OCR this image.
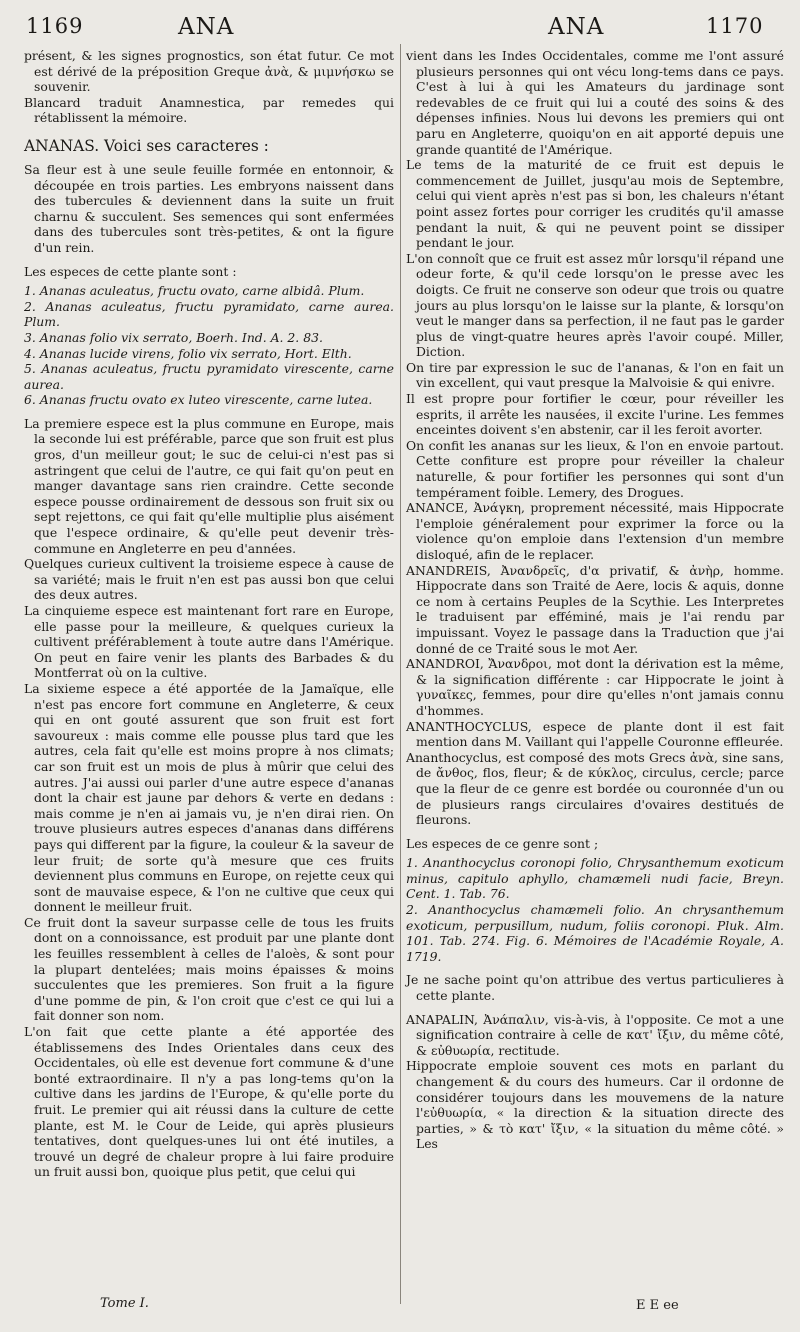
1169	ANA	ANA	1170

présent, & les signes prognostics, son état futur. Ce mot est dérivé de la préposition Greque ἀνὰ, & μιμνήσκω se souvenir.

Blancard traduit Anamnestica, par remedes qui rétablissent la mémoire.

ANANAS. Voici ses caracteres :

Sa fleur est à une seule feuille formée en entonnoir, & découpée en trois parties. Les embryons naissent dans des tubercules & deviennent dans la suite un fruit charnu & succulent. Ses semences qui sont enfermées dans des tubercules sont très-petites, & ont la figure d'un rein.

Les especes de cette plante sont :

1. Ananas aculeatus, fructu ovato, carne albidâ. Plum.
2. Ananas aculeatus, fructu pyramidato, carne aurea. Plum.
3. Ananas folio vix serrato, Boerh. Ind. A. 2. 83.
4. Ananas lucide virens, folio vix serrato, Hort. Elth.
5. Ananas aculeatus, fructu pyramidato virescente, carne aurea.
6. Ananas fructu ovato ex luteo virescente, carne lutea.

La premiere espece est la plus commune en Europe, mais la seconde lui est préférable, parce que son fruit est plus gros, d'un meilleur gout; le suc de celui-ci n'est pas si astringent que celui de l'autre, ce qui fait qu'on peut en manger davantage sans rien craindre. Cette seconde espece pousse ordinairement de dessous son fruit six ou sept rejettons, ce qui fait qu'elle multiplie plus aisément que l'espece ordinaire, & qu'elle peut devenir très-commune en Angleterre en peu d'années.

Quelques curieux cultivent la troisieme espece à cause de sa variété; mais le fruit n'en est pas aussi bon que celui des deux autres.

La cinquieme espece est maintenant fort rare en Europe, elle passe pour la meilleure, & quelques curieux la cultivent préférablement à toute autre dans l'Amérique. On peut en faire venir les plants des Barbades & du Montferrat où on la cultive.

La sixieme espece a été apportée de la Jamaïque, elle n'est pas encore fort commune en Angleterre, & ceux qui en ont gouté assurent que son fruit est fort savoureux : mais comme elle pousse plus tard que les autres, cela fait qu'elle est moins propre à nos climats; car son fruit est un mois de plus à mûrir que celui des autres. J'ai aussi oui parler d'une autre espece d'ananas dont la chair est jaune par dehors & verte en dedans : mais comme je n'en ai jamais vu, je n'en dirai rien. On trouve plusieurs autres especes d'ananas dans différens pays qui different par la figure, la couleur & la saveur de leur fruit; de sorte qu'à mesure que ces fruits deviennent plus communs en Europe, on rejette ceux qui sont de mauvaise espece, & l'on ne cultive que ceux qui donnent le meilleur fruit.

Ce fruit dont la saveur surpasse celle de tous les fruits dont on a connoissance, est produit par une plante dont les feuilles ressemblent à celles de l'aloès, & sont pour la plupart dentelées; mais moins épaisses & moins succulentes que les premieres. Son fruit a la figure d'une pomme de pin, & l'on croit que c'est ce qui lui a fait donner son nom.

L'on fait que cette plante a été apportée des établissemens des Indes Orientales dans ceux des Occidentales, où elle est devenue fort commune & d'une bonté extraordinaire. Il n'y a pas long-tems qu'on la cultive dans les jardins de l'Europe, & qu'elle porte du fruit. Le premier qui ait réussi dans la culture de cette plante, est M. le Cour de Leide, qui après plusieurs tentatives, dont quelques-unes lui ont été inutiles, a trouvé un degré de chaleur propre à lui faire produire un fruit aussi bon, quoique plus petit, que celui qui

vient dans les Indes Occidentales, comme me l'ont assuré plusieurs personnes qui ont vécu long-tems dans ce pays. C'est à lui à qui les Amateurs du jardinage sont redevables de ce fruit qui lui a couté des soins & des dépenses infinies. Nous lui devons les premiers qui ont paru en Angleterre, quoiqu'on en ait apporté depuis une grande quantité de l'Amérique.

Le tems de la maturité de ce fruit est depuis le commencement de Juillet, jusqu'au mois de Septembre, celui qui vient après n'est pas si bon, les chaleurs n'étant point assez fortes pour corriger les crudités qu'il amasse pendant la nuit, & qui ne peuvent point se dissiper pendant le jour.

L'on connoît que ce fruit est assez mûr lorsqu'il répand une odeur forte, & qu'il cede lorsqu'on le presse avec les doigts. Ce fruit ne conserve son odeur que trois ou quatre jours au plus lorsqu'on le laisse sur la plante, & lorsqu'on veut le manger dans sa perfection, il ne faut pas le garder plus de vingt-quatre heures après l'avoir coupé. Miller, Diction.

On tire par expression le suc de l'ananas, & l'on en fait un vin excellent, qui vaut presque la Malvoisie & qui enivre.

Il est propre pour fortifier le cœur, pour réveiller les esprits, il arrête les nausées, il excite l'urine. Les femmes enceintes doivent s'en abstenir, car il les feroit avorter.

On confit les ananas sur les lieux, & l'on en envoie partout. Cette confiture est propre pour réveiller la chaleur naturelle, & pour fortifier les personnes qui sont d'un tempérament foible. Lemery, des Drogues.

ANANCE, Ἀνάγκη, proprement nécessité, mais Hippocrate l'emploie généralement pour exprimer la force ou la violence qu'on emploie dans l'extension d'un membre disloqué, afin de le replacer.

ANANDREIS, Ἀνανδρεῖς, d'α privatif, & ἀνὴρ, homme. Hippocrate dans son Traité de Aere, locis & aquis, donne ce nom à certains Peuples de la Scythie. Les Interpretes le traduisent par efféminé, mais je l'ai rendu par impuissant. Voyez le passage dans la Traduction que j'ai donné de ce Traité sous le mot Aer.

ANANDROI, Ἄνανδροι, mot dont la dérivation est la même, & la signification différente : car Hippocrate le joint à γυναῖκες, femmes, pour dire qu'elles n'ont jamais connu d'hommes.

ANANTHOCYCLUS, espece de plante dont il est fait mention dans M. Vaillant qui l'appelle Couronne effleurée.

Ananthocyclus, est composé des mots Grecs ἀνὰ, sine sans, de ἄνθος, flos, fleur; & de κύκλος, circulus, cercle; parce que la fleur de ce genre est bordée ou couronnée d'un ou de plusieurs rangs circulaires d'ovaires destitués de fleurons.

Les especes de ce genre sont ;

1. Ananthocyclus coronopi folio, Chrysanthemum exoticum minus, capitulo aphyllo, chamæmeli nudi facie, Breyn. Cent. 1. Tab. 76.
2. Ananthocyclus chamæmeli folio. An chrysanthemum exoticum, perpusillum, nudum, foliis coronopi. Pluk. Alm. 101. Tab. 274. Fig. 6. Mémoires de l'Académie Royale, A. 1719.

Je ne sache point qu'on attribue des vertus particulieres à cette plante.

ANAPALIN, Ἀνάπαλιν, vis-à-vis, à l'opposite. Ce mot a une signification contraire à celle de κατ' ἴξιν, du même côté, & εὐθυωρία, rectitude.

Hippocrate emploie souvent ces mots en parlant du changement & du cours des humeurs. Car il ordonne de considérer toujours dans les mouvemens de la nature l'εὐθυωρία, « la direction & la situation directe des parties, » & τὸ κατ' ἴξιν, « la situation du même côté. » Les

Tome I.	E E ee
